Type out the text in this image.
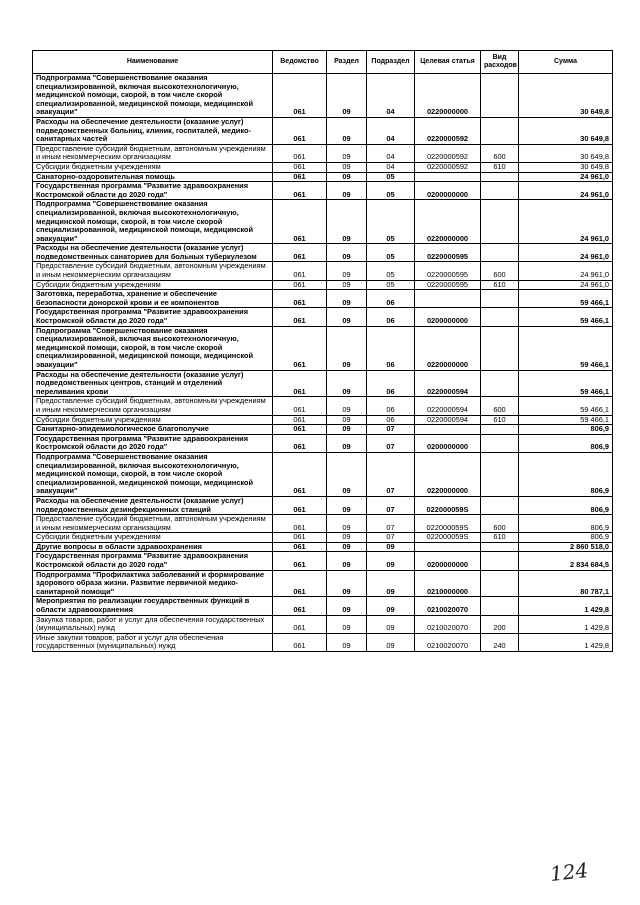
Наименование	Ведомство	Раздел	Подраздел	Целевая статья	Вид расходов	Сумма
Подпрограмма "Совершенствование оказания специализированной, включая высокотехнологичную, медицинской помощи, скорой, в том числе скорой специализированной, медицинской помощи, медицинской эвакуации"	061	09	04	0220000000		30 649,8
Расходы на обеспечение деятельности (оказание услуг) подведомственных больниц, клиник, госпиталей, медико-санитарных частей	061	09	04	0220000592		30 649,8
Предоставление субсидий бюджетным, автономным учреждениям и иным некоммерческим организациям	061	09	04	0220000592	600	30 649,8
Субсидии бюджетным учреждениям	061	09	04	0220000592	610	30 649,8
Санаторно-оздоровительная помощь	061	09	05			24 961,0
Государственная программа "Развитие здравоохранения Костромской области до 2020 года"	061	09	05	0200000000		24 961,0
Подпрограмма "Совершенствование оказания специализированной, включая высокотехнологичную, медицинской помощи, скорой, в том числе скорой специализированной, медицинской помощи, медицинской эвакуации"	061	09	05	0220000000		24 961,0
Расходы на обеспечение деятельности (оказание услуг) подведомственных санаториев для больных туберкулезом	061	09	05	0220000595		24 961,0
Предоставление субсидий бюджетным, автономным учреждениям и иным некоммерческим организациям	061	09	05	0220000595	600	24 961,0
Субсидии бюджетным учреждениям	061	09	05	0220000595	610	24 961,0
Заготовка, переработка, хранение и обеспечение безопасности донорской крови и ее компонентов	061	09	06			59 466,1
Государственная программа "Развитие здравоохранения Костромской области до 2020 года"	061	09	06	0200000000		59 466,1
Подпрограмма "Совершенствование оказания специализированной, включая высокотехнологичную, медицинской помощи, скорой, в том числе скорой специализированной, медицинской помощи, медицинской эвакуации"	061	09	06	0220000000		59 466,1
Расходы на обеспечение деятельности (оказание услуг) подведомственных центров, станций и отделений переливания крови	061	09	06	0220000594		59 466,1
Предоставление субсидий бюджетным, автономным учреждениям и иным некоммерческим организациям	061	09	06	0220000594	600	59 466,1
Субсидии бюджетным учреждениям	061	09	06	0220000594	610	59 466,1
Санитарно-эпидемиологическое благополучие	061	09	07			806,9
Государственная программа "Развитие здравоохранения Костромской области до 2020 года"	061	09	07	0200000000		806,9
Подпрограмма "Совершенствование оказания специализированной, включая высокотехнологичную, медицинской помощи, скорой, в том числе скорой специализированной, медицинской помощи, медицинской эвакуации"	061	09	07	0220000000		806,9
Расходы на обеспечение деятельности (оказание услуг) подведомственных дезинфекционных станций	061	09	07	022000059S		806,9
Предоставление субсидий бюджетным, автономным учреждениям и иным некоммерческим организациям	061	09	07	022000059S	600	806,9
Субсидии бюджетным учреждениям	061	09	07	022000059S	610	806,9
Другие вопросы в области здравоохранения	061	09	09			2 860 518,0
Государственная программа "Развитие здравоохранения Костромской области до 2020 года"	061	09	09	0200000000		2 834 684,5
Подпрограмма "Профилактика заболеваний и формирование здорового образа жизни. Развитие первичной медико-санитарной помощи"	061	09	09	0210000000		80 787,1
Мероприятия по реализации государственных функций в области здравоохранения	061	09	09	0210020070		1 429,8
Закупка товаров, работ и услуг для обеспечения государственных (муниципальных) нужд	061	09	09	0210020070	200	1 429,8
Иные закупки товаров, работ и услуг для обеспечения государственных (муниципальных) нужд	061	09	09	0210020070	240	1 429,8
124
